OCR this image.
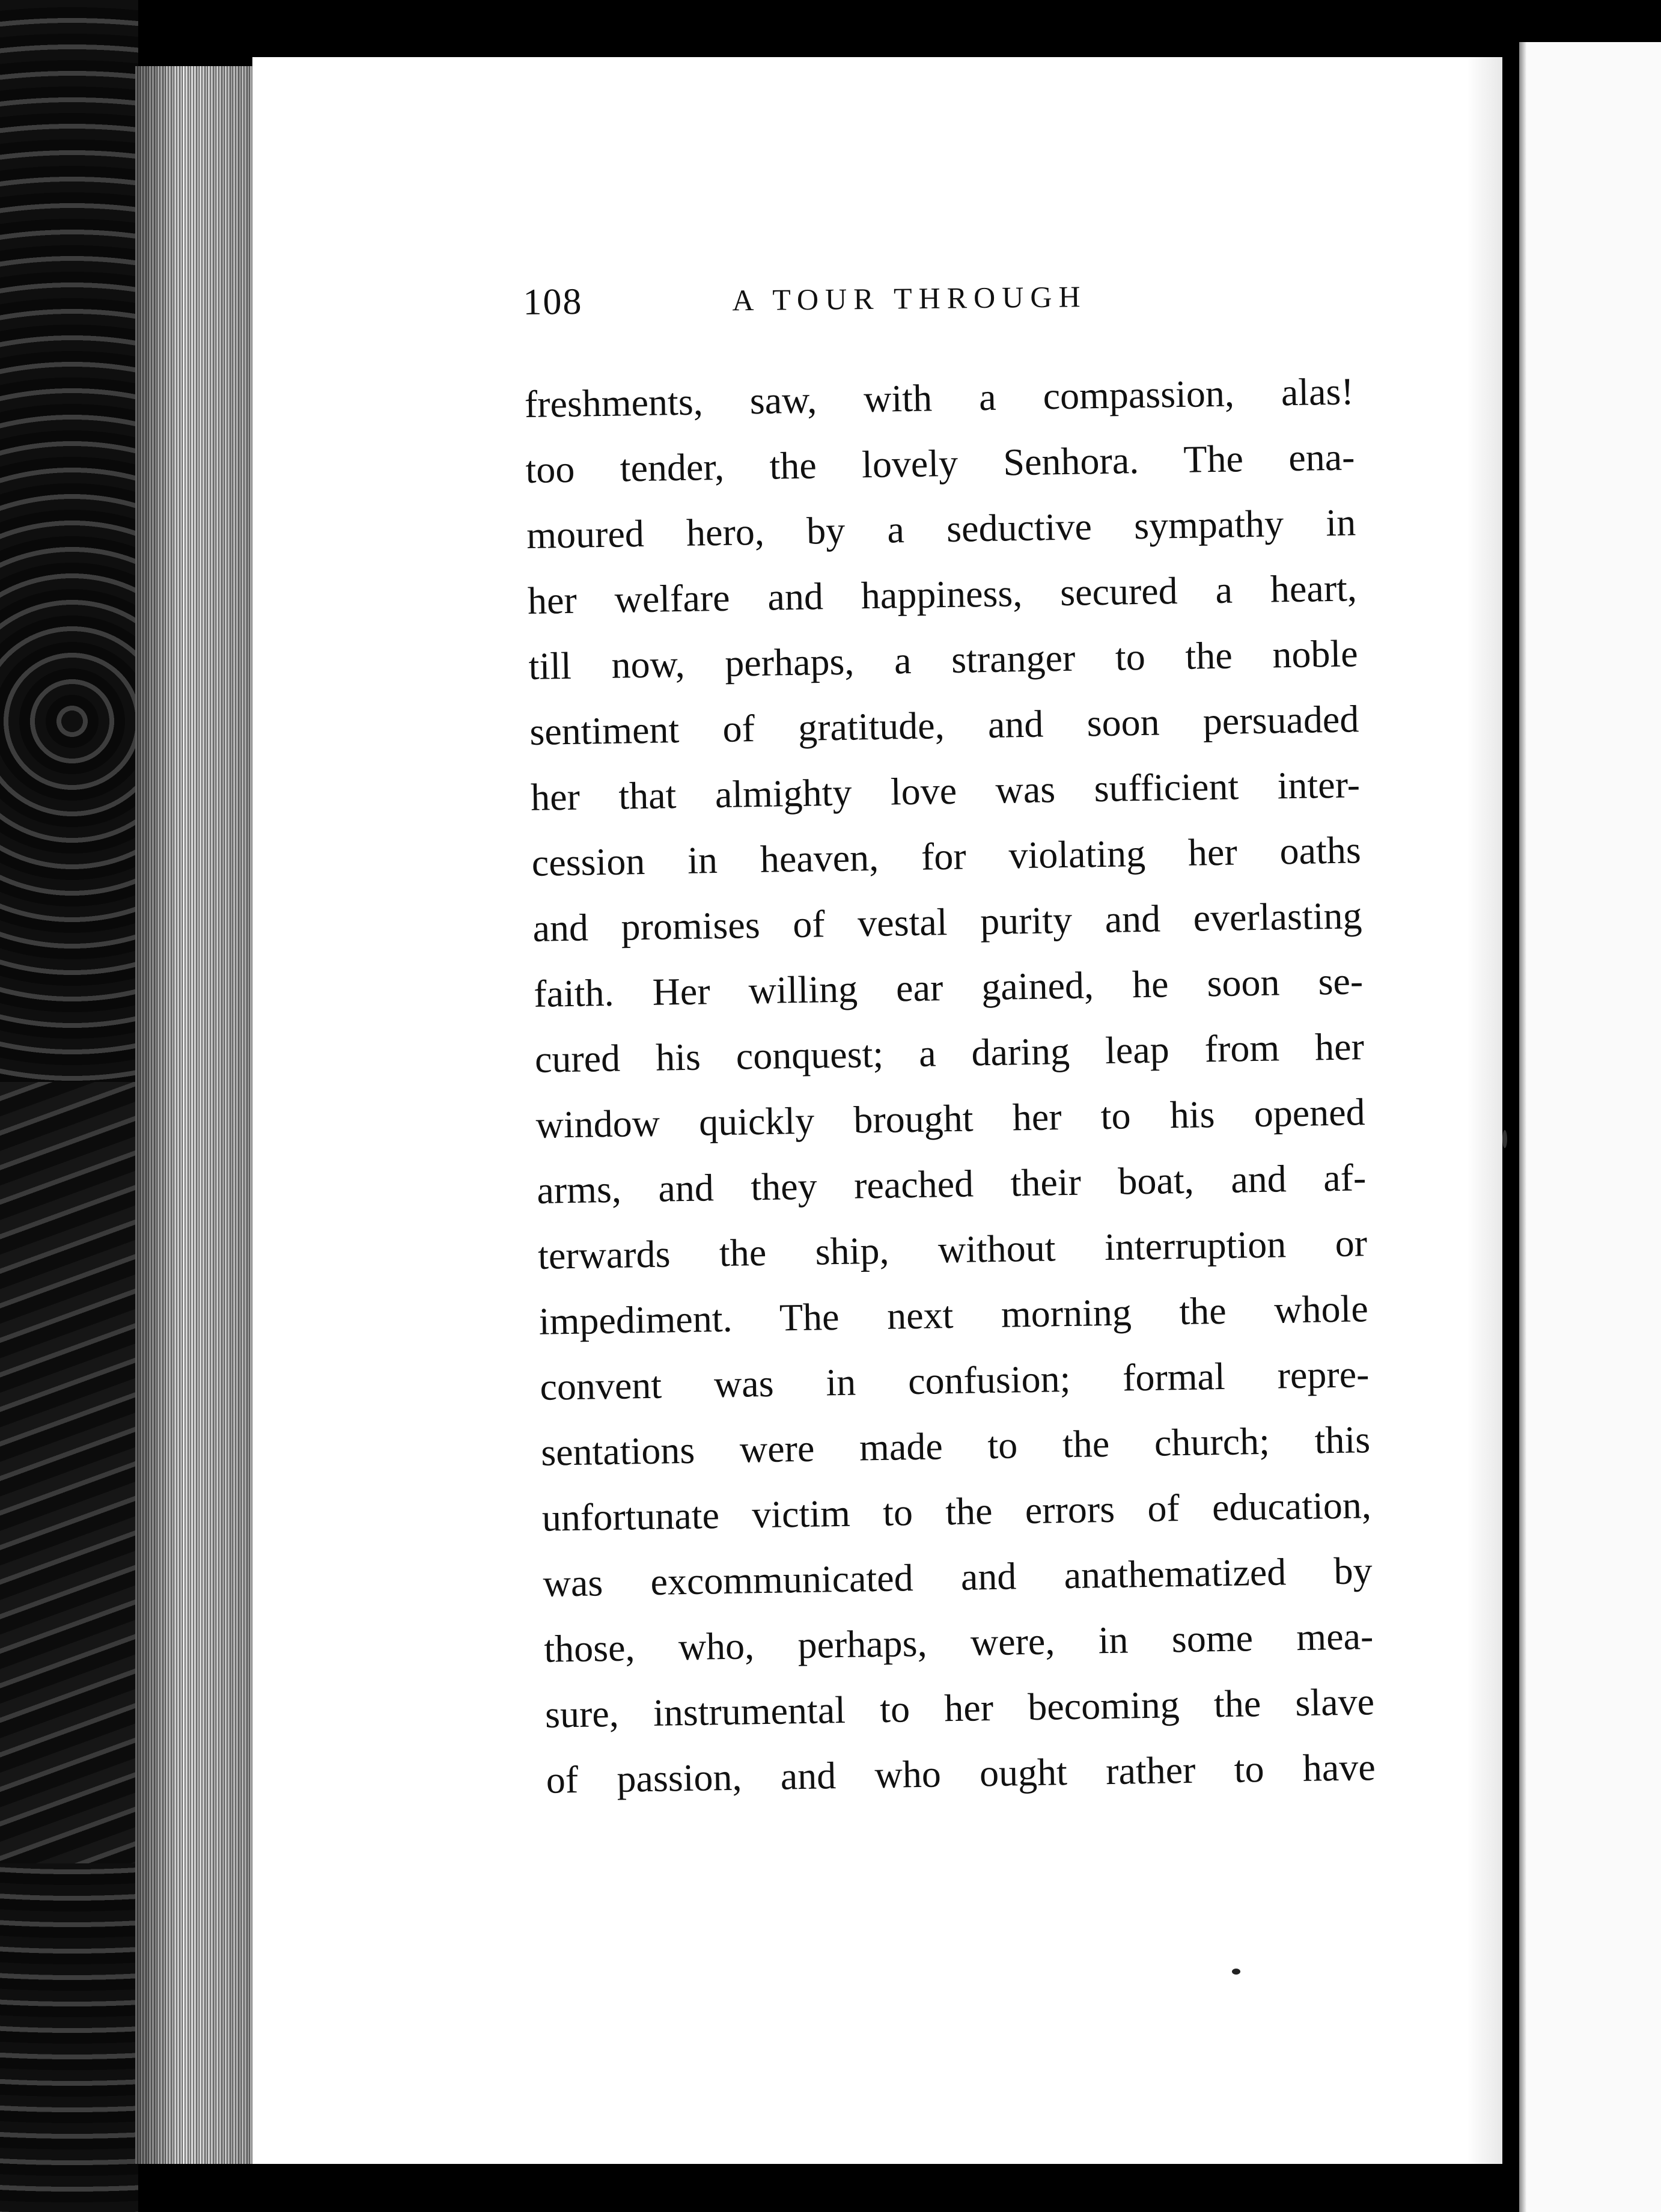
108	A TOUR THROUGH
freshments, saw, with a compassion, alas!
too tender, the lovely Senhora. The ena-
moured hero, by a seductive sympathy in
her welfare and happiness, secured a heart,
till now, perhaps, a stranger to the noble
sentiment of gratitude, and soon persuaded
her that almighty love was sufficient inter-
cession in heaven, for violating her oaths
and promises of vestal purity and everlasting
faith. Her willing ear gained, he soon se-
cured his conquest; a daring leap from her
window quickly brought her to his opened
arms, and they reached their boat, and af-
terwards the ship, without interruption or
impediment. The next morning the whole
convent was in confusion; formal repre-
sentations were made to the church; this
unfortunate victim to the errors of education,
was excommunicated and anathematized by
those, who, perhaps, were, in some mea-
sure, instrumental to her becoming the slave
of passion, and who ought rather to have
